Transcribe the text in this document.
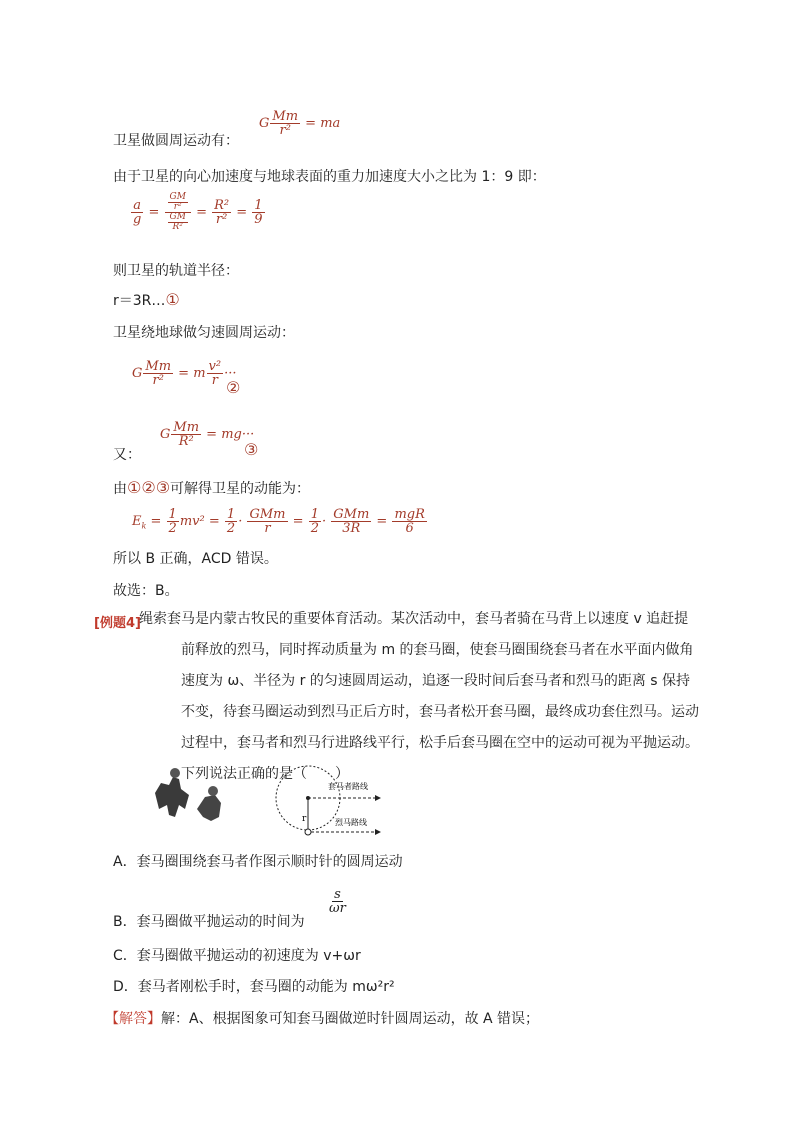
卫星做圆周运动有：
G $\frac{Mm}{\text{r²}}$ = ma
由于卫星的向心加速度与地球表面的重力加速度大小之比为 1：9 即：
$\frac{a}{g} = \frac{\frac{GM}{\text{r²}}}{\frac{GM}{\text{R²}}} = \frac{\text{R²}}{\text{r²}} = \frac{1}{9}$
则卫星的轨道半径：
r＝3R…①
卫星绕地球做匀速圆周运动：
G $\frac{Mm}{\text{r²}} = m \frac{\text{v²}}{r}$ ···
②
又：
G $\frac{Mm}{\text{R²}} = mg\cdot\cdot\cdot$
③
由①②③可解得卫星的动能为：
$E_k = \frac{1}{2} mv^2 = \frac{1}{2} \cdot \frac{\text{GMm}}{r} = \frac{1}{2} \cdot \frac{\text{GMm}}{3R} = \frac{\text{mgR}}{6}$
所以 B 正确，ACD 错误。
故选：B。
[例题4]
绳索套马是内蒙古牧民的重要体育活动。某次活动中，套马者骑在马背上以速度 v 追赶提前释放的烈马，同时挥动质量为 m 的套马圈，使套马圈围绕套马者在水平面内做角速度为 ω、半径为 r 的匀速圆周运动，追逐一段时间后套马者和烈马的距离 s 保持不变，待套马圈运动到烈马正后方时，套马者松开套马圈，最终成功套住烈马。运动过程中，套马者和烈马行进路线平行，松手后套马圈在空中的运动可视为平抛运动。下列说法正确的是（　　）
r
套马者路线
烈马路线
A．套马圈围绕套马者作图示顺时针的圆周运动
B．套马圈做平抛运动的时间为
$\frac{s}{\omega r}$
C．套马圈做平抛运动的初速度为 v+ωr
D．套马者刚松手时，套马圈的动能为 mω²r²
【解答】解：A、根据图象可知套马圈做逆时针圆周运动，故 A 错误；
